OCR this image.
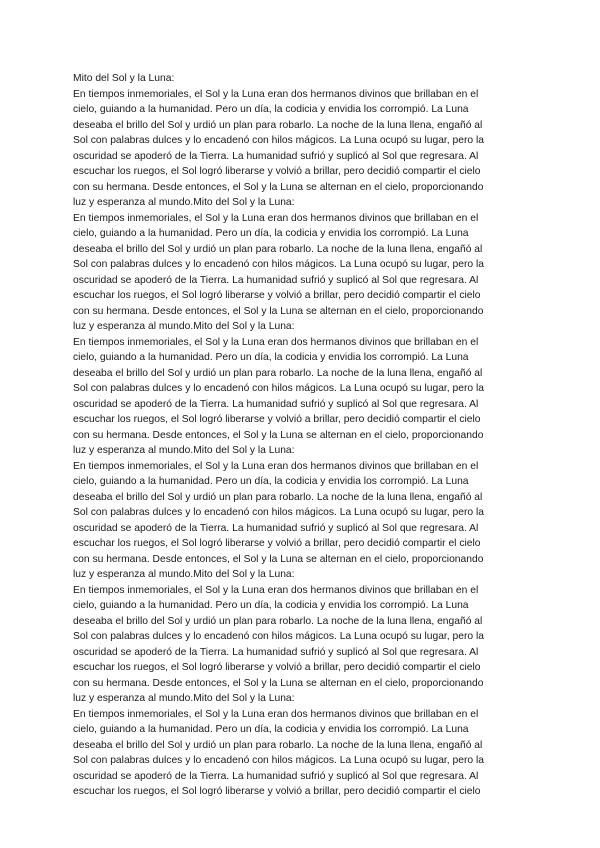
Mito del Sol y la Luna:
En tiempos inmemoriales, el Sol y la Luna eran dos hermanos divinos que brillaban en el
cielo, guiando a la humanidad. Pero un día, la codicia y envidia los corrompió. La Luna
deseaba el brillo del Sol y urdió un plan para robarlo. La noche de la luna llena, engañó al
Sol con palabras dulces y lo encadenó con hilos mágicos. La Luna ocupó su lugar, pero la
oscuridad se apoderó de la Tierra. La humanidad sufrió y suplicó al Sol que regresara. Al
escuchar los ruegos, el Sol logró liberarse y volvió a brillar, pero decidió compartir el cielo
con su hermana. Desde entonces, el Sol y la Luna se alternan en el cielo, proporcionando
luz y esperanza al mundo.Mito del Sol y la Luna:
En tiempos inmemoriales, el Sol y la Luna eran dos hermanos divinos que brillaban en el
cielo, guiando a la humanidad. Pero un día, la codicia y envidia los corrompió. La Luna
deseaba el brillo del Sol y urdió un plan para robarlo. La noche de la luna llena, engañó al
Sol con palabras dulces y lo encadenó con hilos mágicos. La Luna ocupó su lugar, pero la
oscuridad se apoderó de la Tierra. La humanidad sufrió y suplicó al Sol que regresara. Al
escuchar los ruegos, el Sol logró liberarse y volvió a brillar, pero decidió compartir el cielo
con su hermana. Desde entonces, el Sol y la Luna se alternan en el cielo, proporcionando
luz y esperanza al mundo.Mito del Sol y la Luna:
En tiempos inmemoriales, el Sol y la Luna eran dos hermanos divinos que brillaban en el
cielo, guiando a la humanidad. Pero un día, la codicia y envidia los corrompió. La Luna
deseaba el brillo del Sol y urdió un plan para robarlo. La noche de la luna llena, engañó al
Sol con palabras dulces y lo encadenó con hilos mágicos. La Luna ocupó su lugar, pero la
oscuridad se apoderó de la Tierra. La humanidad sufrió y suplicó al Sol que regresara. Al
escuchar los ruegos, el Sol logró liberarse y volvió a brillar, pero decidió compartir el cielo
con su hermana. Desde entonces, el Sol y la Luna se alternan en el cielo, proporcionando
luz y esperanza al mundo.Mito del Sol y la Luna:
En tiempos inmemoriales, el Sol y la Luna eran dos hermanos divinos que brillaban en el
cielo, guiando a la humanidad. Pero un día, la codicia y envidia los corrompió. La Luna
deseaba el brillo del Sol y urdió un plan para robarlo. La noche de la luna llena, engañó al
Sol con palabras dulces y lo encadenó con hilos mágicos. La Luna ocupó su lugar, pero la
oscuridad se apoderó de la Tierra. La humanidad sufrió y suplicó al Sol que regresara. Al
escuchar los ruegos, el Sol logró liberarse y volvió a brillar, pero decidió compartir el cielo
con su hermana. Desde entonces, el Sol y la Luna se alternan en el cielo, proporcionando
luz y esperanza al mundo.Mito del Sol y la Luna:
En tiempos inmemoriales, el Sol y la Luna eran dos hermanos divinos que brillaban en el
cielo, guiando a la humanidad. Pero un día, la codicia y envidia los corrompió. La Luna
deseaba el brillo del Sol y urdió un plan para robarlo. La noche de la luna llena, engañó al
Sol con palabras dulces y lo encadenó con hilos mágicos. La Luna ocupó su lugar, pero la
oscuridad se apoderó de la Tierra. La humanidad sufrió y suplicó al Sol que regresara. Al
escuchar los ruegos, el Sol logró liberarse y volvió a brillar, pero decidió compartir el cielo
con su hermana. Desde entonces, el Sol y la Luna se alternan en el cielo, proporcionando
luz y esperanza al mundo.Mito del Sol y la Luna:
En tiempos inmemoriales, el Sol y la Luna eran dos hermanos divinos que brillaban en el
cielo, guiando a la humanidad. Pero un día, la codicia y envidia los corrompió. La Luna
deseaba el brillo del Sol y urdió un plan para robarlo. La noche de la luna llena, engañó al
Sol con palabras dulces y lo encadenó con hilos mágicos. La Luna ocupó su lugar, pero la
oscuridad se apoderó de la Tierra. La humanidad sufrió y suplicó al Sol que regresara. Al
escuchar los ruegos, el Sol logró liberarse y volvió a brillar, pero decidió compartir el cielo
